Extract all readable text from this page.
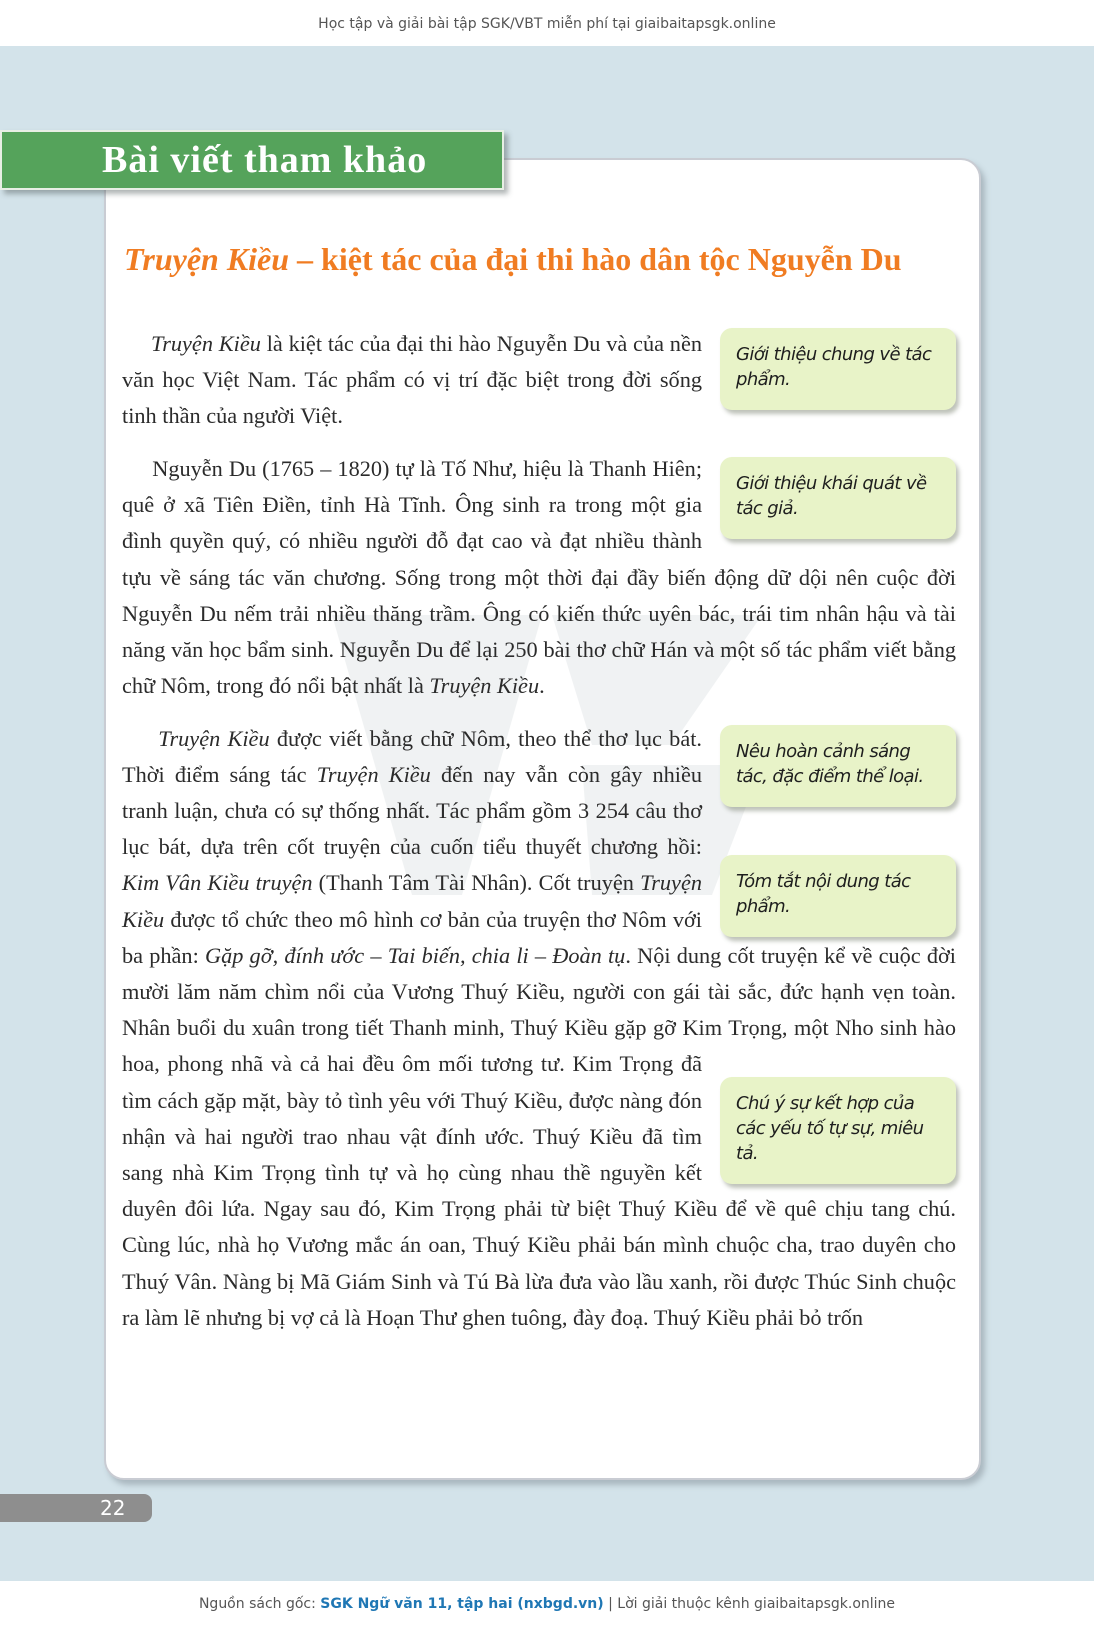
Học tập và giải bài tập SGK/VBT miễn phí tại giaibaitapsgk.online
Bài viết tham khảo
Truyện Kiều – kiệt tác của đại thi hào dân tộc Nguyễn Du

Giới thiệu chung về tác phẩm.
Truyện Kiều là kiệt tác của đại thi hào Nguyễn Du và của nền văn học Việt Nam. Tác phẩm có vị trí đặc biệt trong đời sống tinh thần của người Việt.

Giới thiệu khái quát về tác giả.
Nguyễn Du (1765 – 1820) tự là Tố Như, hiệu là Thanh Hiên; quê ở xã Tiên Điền, tỉnh Hà Tĩnh. Ông sinh ra trong một gia đình quyền quý, có nhiều người đỗ đạt cao và đạt nhiều thành tựu về sáng tác văn chương. Sống trong một thời đại đầy biến động dữ dội nên cuộc đời Nguyễn Du nếm trải nhiều thăng trầm. Ông có kiến thức uyên bác, trái tim nhân hậu và tài năng văn học bẩm sinh. Nguyễn Du để lại 250 bài thơ chữ Hán và một số tác phẩm viết bằng chữ Nôm, trong đó nổi bật nhất là Truyện Kiều.

Nêu hoàn cảnh sáng tác, đặc điểm thể loại.
Tóm tắt nội dung tác phẩm.
Chú ý sự kết hợp của các yếu tố tự sự, miêu tả.
Truyện Kiều được viết bằng chữ Nôm, theo thể thơ lục bát. Thời điểm sáng tác Truyện Kiều đến nay vẫn còn gây nhiều tranh luận, chưa có sự thống nhất. Tác phẩm gồm 3 254 câu thơ lục bát, dựa trên cốt truyện của cuốn tiểu thuyết chương hồi: Kim Vân Kiều truyện (Thanh Tâm Tài Nhân). Cốt truyện Truyện Kiều được tổ chức theo mô hình cơ bản của truyện thơ Nôm với ba phần: Gặp gỡ, đính ước – Tai biến, chia li – Đoàn tụ. Nội dung cốt truyện kể về cuộc đời mười lăm năm chìm nổi của Vương Thuý Kiều, người con gái tài sắc, đức hạnh vẹn toàn. Nhân buổi du xuân trong tiết Thanh minh, Thuý Kiều gặp gỡ Kim Trọng, một Nho sinh hào hoa, phong nhã và cả hai đều ôm mối tương tư. Kim Trọng đã tìm cách gặp mặt, bày tỏ tình yêu với Thuý Kiều, được nàng đón nhận và hai người trao nhau vật đính ước. Thuý Kiều đã tìm sang nhà Kim Trọng tình tự và họ cùng nhau thề nguyền kết duyên đôi lứa. Ngay sau đó, Kim Trọng phải từ biệt Thuý Kiều để về quê chịu tang chú. Cùng lúc, nhà họ Vương mắc án oan, Thuý Kiều phải bán mình chuộc cha, trao duyên cho Thuý Vân. Nàng bị Mã Giám Sinh và Tú Bà lừa đưa vào lầu xanh, rồi được Thúc Sinh chuộc ra làm lẽ nhưng bị vợ cả là Hoạn Thư ghen tuông, đày đoạ. Thuý Kiều phải bỏ trốn

22
Nguồn sách gốc: SGK Ngữ văn 11, tập hai (nxbgd.vn) | Lời giải thuộc kênh giaibaitapsgk.online
